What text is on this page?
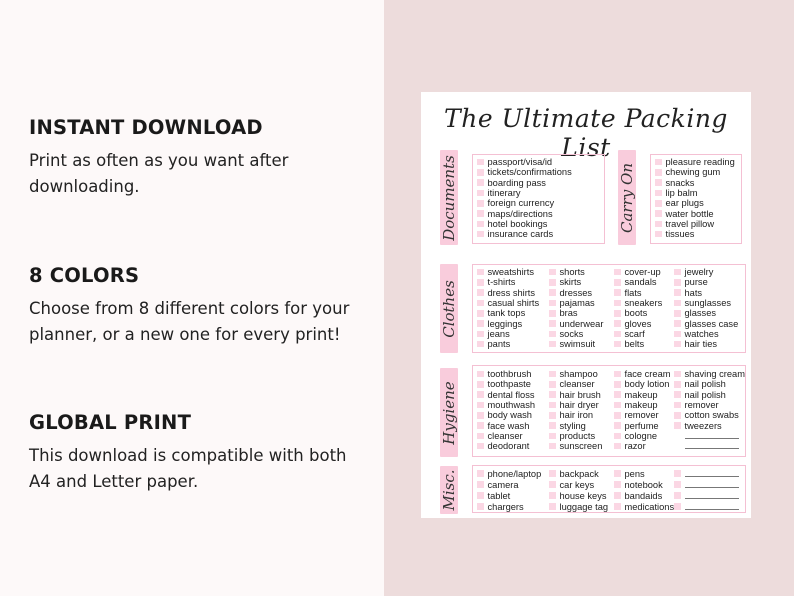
INSTANT DOWNLOAD

Print as often as you want after downloading.

8 COLORS

Choose from 8 different colors for your planner, or a new one for every print!

GLOBAL PRINT

This download is compatible with both A4 and Letter paper.

The Ultimate Packing List
Documents	passport/visa/id
tickets/confirmations
boarding pass
itinerary
foreign currency
maps/directions
hotel bookings
insurance cards
Carry On
pleasure reading
chewing gum
snacks
lip balm
ear plugs
water bottle
travel pillow
tissues
Clothes
sweatshirts
t-shirts
dress shirts
casual shirts
tank tops
leggings
jeans
pants
shorts
skirts
dresses
pajamas
bras
underwear
socks
swimsuit
cover-up
sandals
flats
sneakers
boots
gloves
scarf
belts
jewelry
purse
hats
sunglasses
glasses
glasses case
watches
hair ties
Hygiene
toothbrush
toothpaste
dental floss
mouthwash
body wash
face wash
cleanser
deodorant
shampoo
cleanser
hair brush
hair dryer
hair iron
styling
products
sunscreen
face cream
body lotion
makeup
makeup
remover
perfume
cologne
razor
shaving cream
nail polish
nail polish
remover
cotton swabs
tweezers
Misc.	phone/laptop
camera
tablet
chargers
backpack
car keys
house keys
luggage tag
pens
notebook
bandaids
medications
